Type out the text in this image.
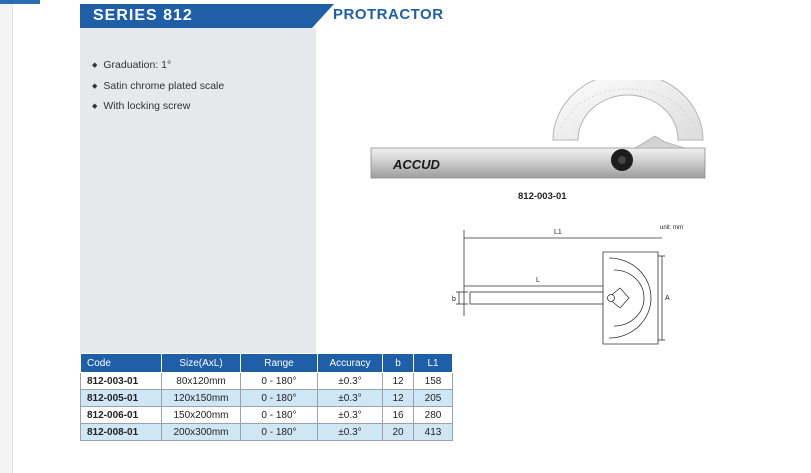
SERIES 812	PROTRACTOR
◆ Graduation: 1°
◆ Satin chrome plated scale
◆ With locking screw
ACCUD
812-003-01
L1
L
b	A
unit: mm
Code	Size(AxL)	Range	Accuracy	b	L1
812-003-01	80x120mm	0 - 180°	±0.3°	12	158
812-005-01	120x150mm	0 - 180°	±0.3°	12	205
812-006-01	150x200mm	0 - 180°	±0.3°	16	280
812-008-01	200x300mm	0 - 180°	±0.3°	20	413
